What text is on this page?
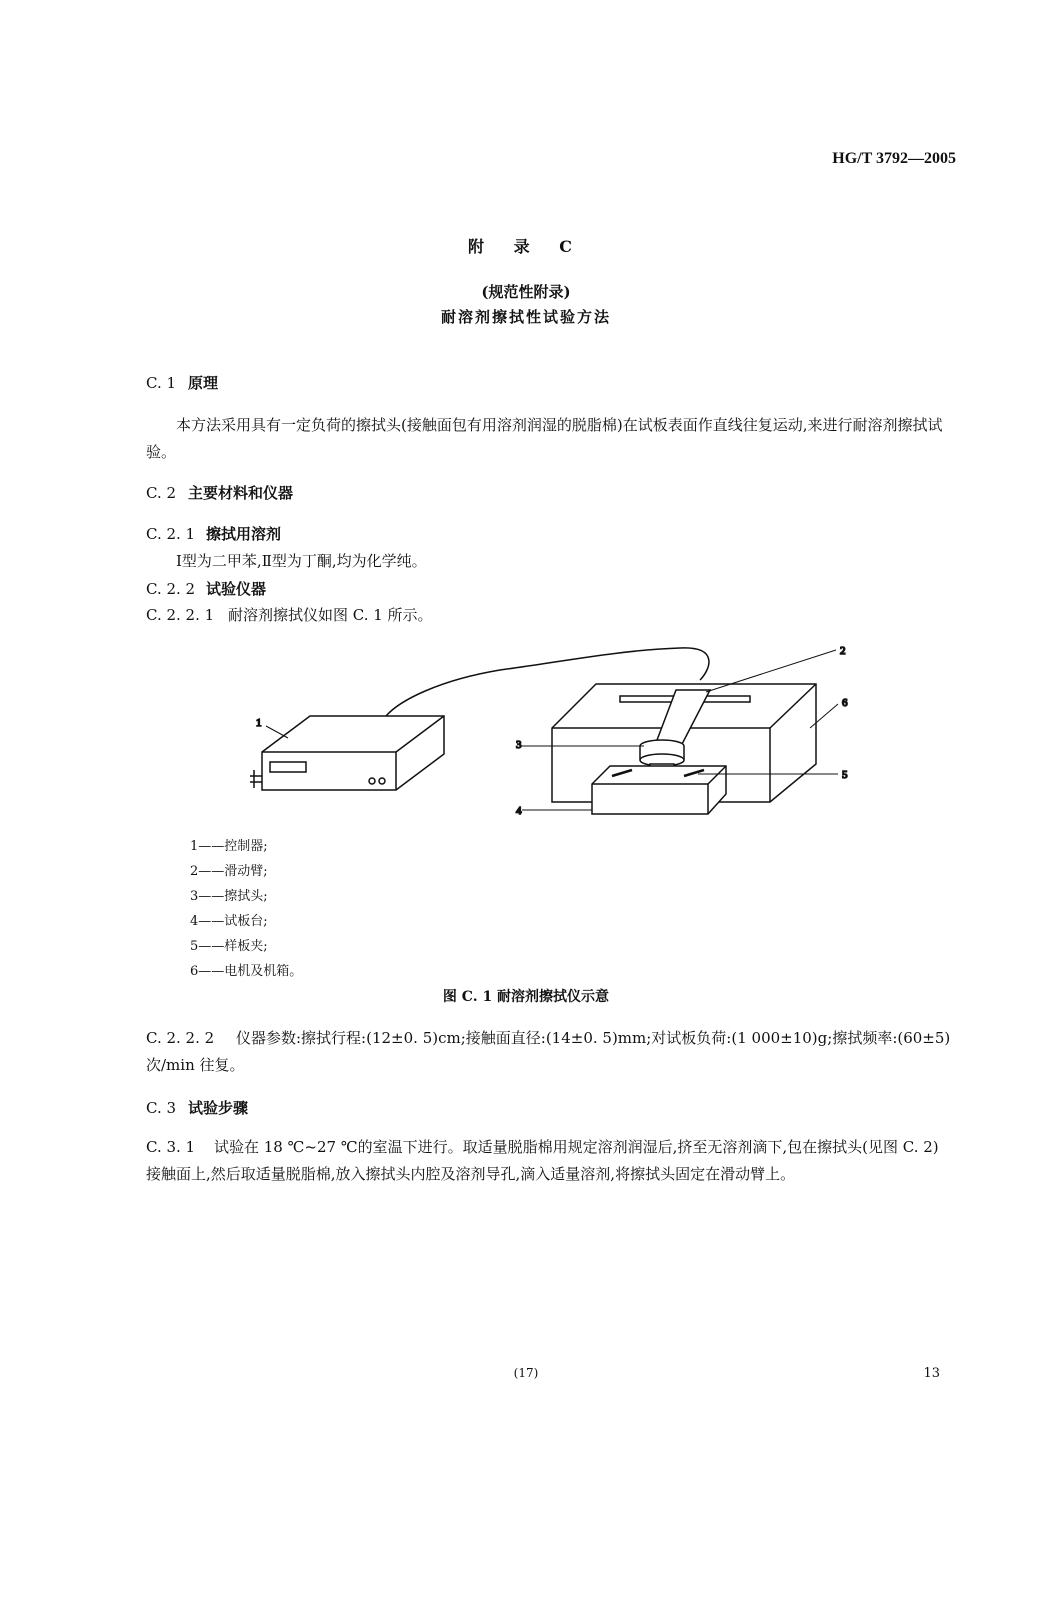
HG/T 3792—2005
附 录 C
(规范性附录)
耐溶剂擦拭性试验方法
C. 1 原理
本方法采用具有一定负荷的擦拭头(接触面包有用溶剂润湿的脱脂棉)在试板表面作直线往复运动,来进行耐溶剂擦拭试验。
C. 2 主要材料和仪器
C. 2. 1 擦拭用溶剂
Ⅰ型为二甲苯,Ⅱ型为丁酮,均为化学纯。
C. 2. 2 试验仪器
C. 2. 2. 1 耐溶剂擦拭仪如图 C. 1 所示。
1
2
3
4
5
6
1——控制器;
2——滑动臂;
3——擦拭头;
4——试板台;
5——样板夹;
6——电机及机箱。
图 C. 1 耐溶剂擦拭仪示意
C. 2. 2. 2 仪器参数:擦拭行程:(12±0. 5)cm;接触面直径:(14±0. 5)mm;对试板负荷:(1 000±10)g;擦拭频率:(60±5)次/min 往复。
C. 3 试验步骤
C. 3. 1 试验在 18 ℃~27 ℃的室温下进行。取适量脱脂棉用规定溶剂润湿后,挤至无溶剂滴下,包在擦拭头(见图 C. 2)接触面上,然后取适量脱脂棉,放入擦拭头内腔及溶剂导孔,滴入适量溶剂,将擦拭头固定在滑动臂上。
(17)	13
